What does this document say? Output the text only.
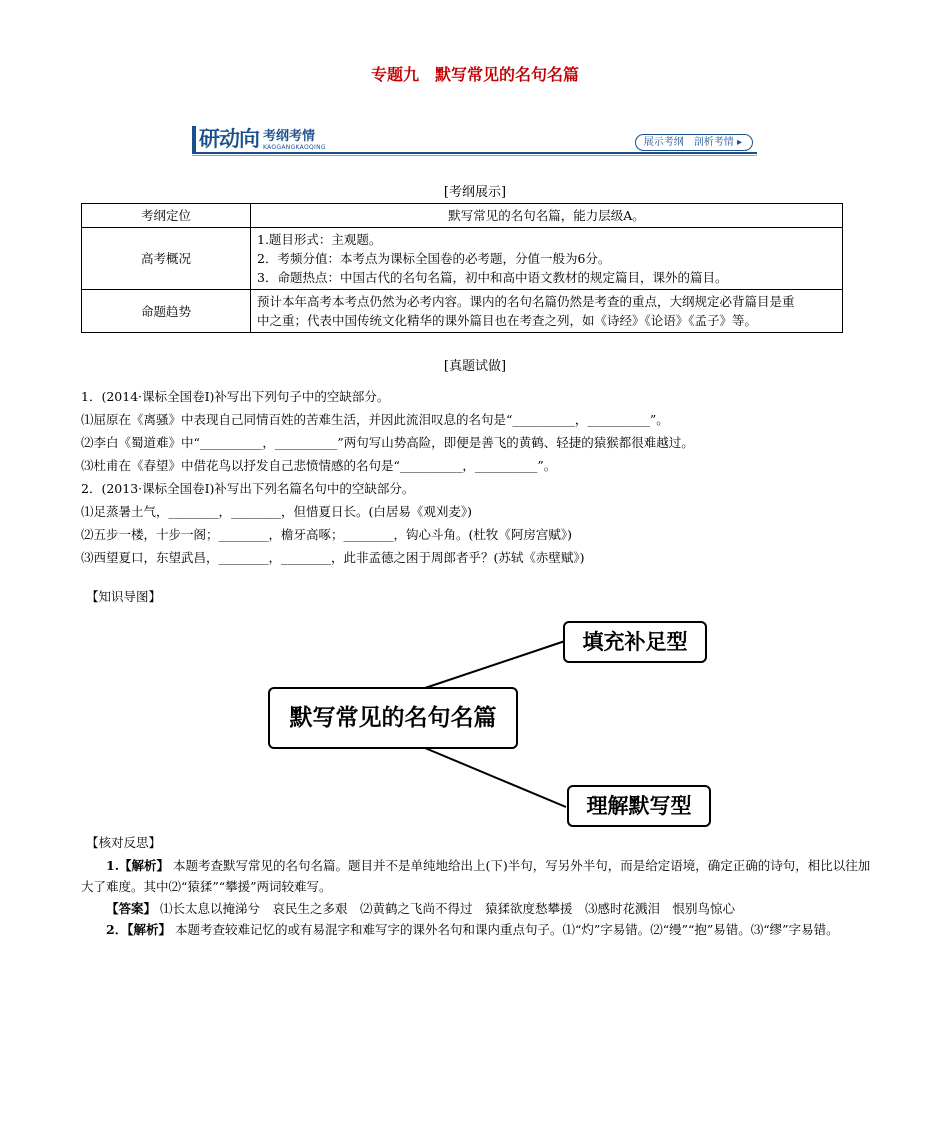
专题九　默写常见的名句名篇
研动向 考纲考情
KAOGANGKAOQING	展示考纲　剖析考情 ▸
[考纲展示]
考纲定位	默写常见的名句名篇，能力层级A。

高考概况	1.题目形式：主观题。
2．考频分值：本考点为课标全国卷的必考题，分值一般为6分。
3．命题热点：中国古代的名句名篇，初中和高中语文教材的规定篇目，课外的篇目。

命题趋势	预计本年高考本考点仍然为必考内容。课内的名句名篇仍然是考查的重点，大纲规定必背篇目是重
中之重；代表中国传统文化精华的课外篇目也在考查之列，如《诗经》《论语》《孟子》等。
[真题试做]
1．(2014·课标全国卷Ⅰ)补写出下列句子中的空缺部分。
⑴屈原在《离骚》中表现自己同情百姓的苦难生活，并因此流泪叹息的名句是“__________，__________”。
⑵李白《蜀道难》中“__________，__________”两句写山势高险，即便是善飞的黄鹤、轻捷的猿猴都很难越过。
⑶杜甫在《春望》中借花鸟以抒发自己悲愤情感的名句是“__________，__________”。
2．(2013·课标全国卷Ⅰ)补写出下列名篇名句中的空缺部分。
⑴足蒸暑土气，________，________，但惜夏日长。(白居易《观刈麦》)
⑵五步一楼，十步一阁；________，檐牙高啄；________，钩心斗角。(杜牧《阿房宫赋》)
⑶西望夏口，东望武昌，________，________，此非孟德之困于周郎者乎？(苏轼《赤壁赋》)
【知识导图】
默写常见的名句名篇
填充补足型
理解默写型
【核对反思】
1.【解析】 本题考查默写常见的名句名篇。题目并不是单纯地给出上(下)半句，写另外半句，而是给定语境，确定正确的诗句，相比以往加大了难度。其中⑵“猿猱”“攀援”两词较难写。
【答案】 ⑴长太息以掩涕兮　哀民生之多艰　⑵黄鹤之飞尚不得过　猿猱欲度愁攀援　⑶感时花溅泪　恨别鸟惊心
2．【解析】 本题考查较难记忆的或有易混字和难写字的课外名句和课内重点句子。⑴“灼”字易错。⑵“缦”“抱”易错。⑶“缪”字易错。
